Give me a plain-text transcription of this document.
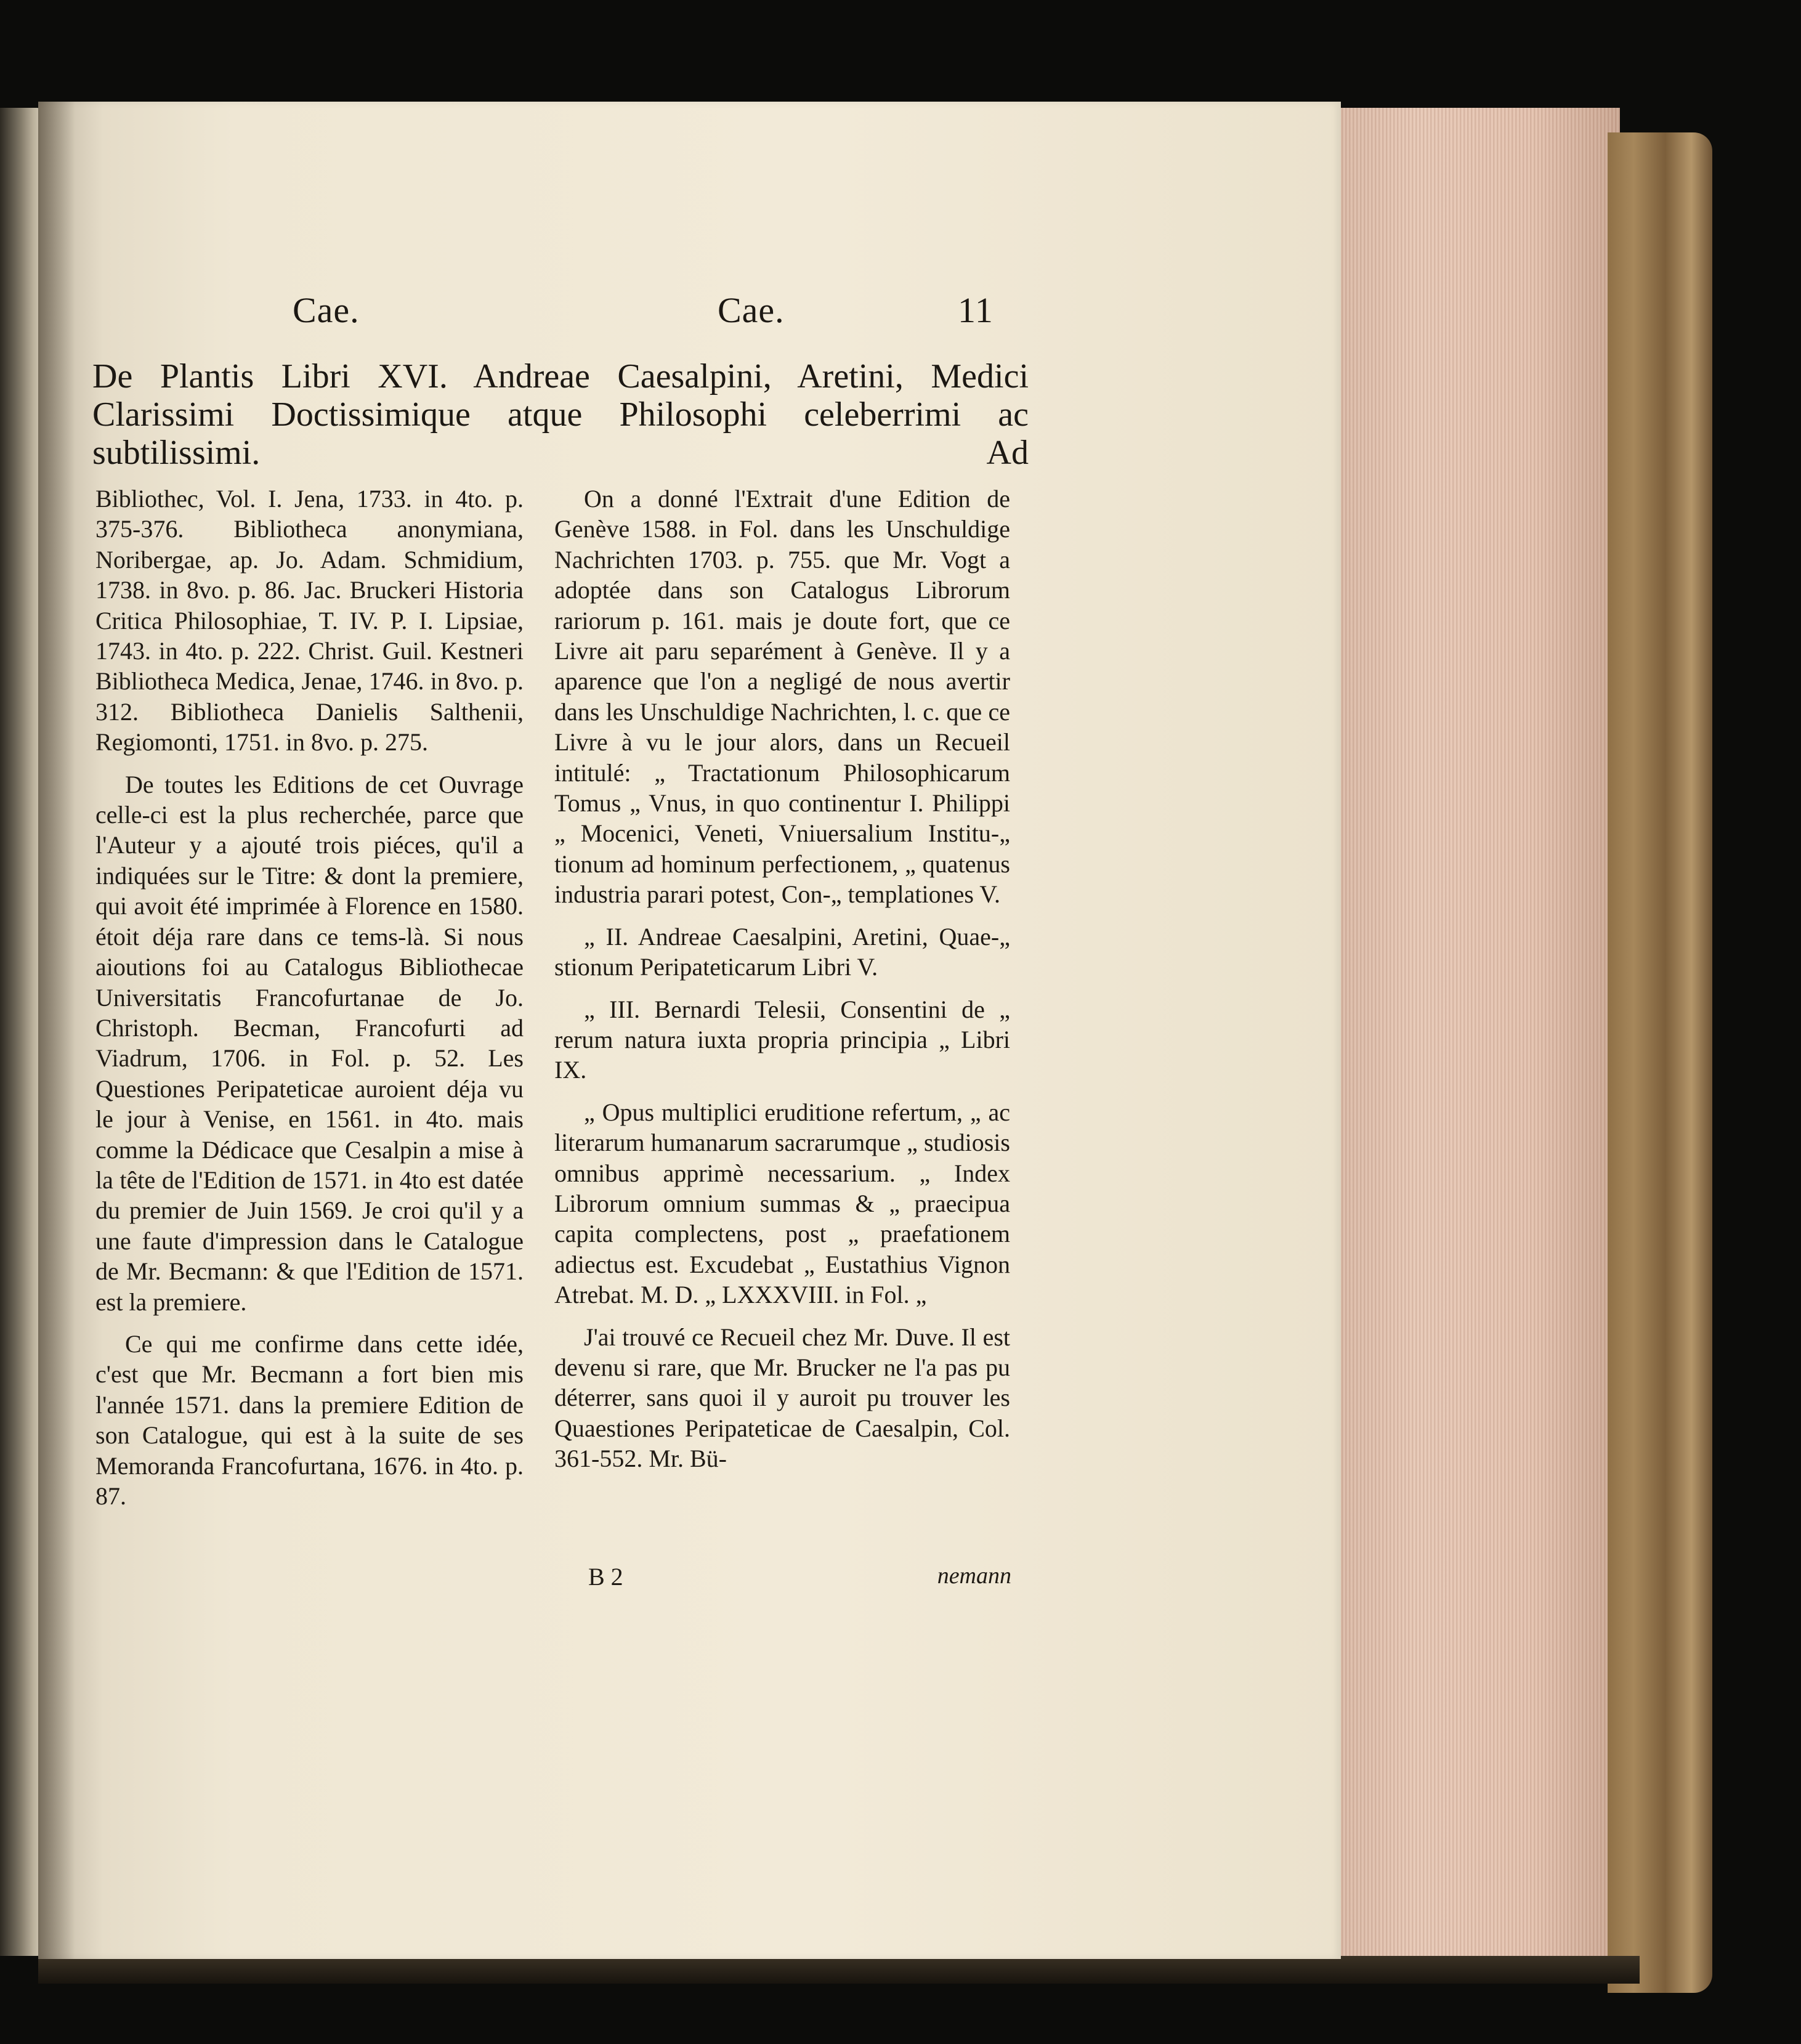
Cae.	Cae.	11
De Plantis Libri XVI. Andreae Caesalpini, Aretini, Medici
Clarissimi Doctissimique atque Philosophi celeberrimi ac subtilissimi.	Ad

Bibliothec, Vol. I. Jena, 1733. in 4to. p. 375-376. Bibliotheca anonymiana, Noribergae, ap. Jo. Adam. Schmidium, 1738. in 8vo. p. 86. Jac. Bruckeri Historia Critica Philosophiae, T. IV. P. I. Lipsiae, 1743. in 4to. p. 222. Christ. Guil. Kestneri Bibliotheca Medica, Jenae, 1746. in 8vo. p. 312. Bibliotheca Danielis Salthenii, Regiomonti, 1751. in 8vo. p. 275.

De toutes les Editions de cet Ouvrage celle-ci est la plus recherchée, parce que l'Auteur y a ajouté trois piéces, qu'il a indiquées sur le Titre: & dont la premiere, qui avoit été imprimée à Florence en 1580. étoit déja rare dans ce tems-là. Si nous aioutions foi au Catalogus Bibliothecae Universitatis Francofurtanae de Jo. Christoph. Becman, Francofurti ad Viadrum, 1706. in Fol. p. 52. Les Questiones Peripateticae auroient déja vu le jour à Venise, en 1561. in 4to. mais comme la Dédicace que Cesalpin a mise à la tête de l'Edition de 1571. in 4to est datée du premier de Juin 1569. Je croi qu'il y a une faute d'impression dans le Catalogue de Mr. Becmann: & que l'Edition de 1571. est la premiere.

Ce qui me confirme dans cette idée, c'est que Mr. Becmann a fort bien mis l'année 1571. dans la premiere Edition de son Catalogue, qui est à la suite de ses Memoranda Francofurtana, 1676. in 4to. p. 87.

On a donné l'Extrait d'une Edition de Genève 1588. in Fol. dans les Unschuldige Nachrichten 1703. p. 755. que Mr. Vogt a adoptée dans son Catalogus Librorum rariorum p. 161. mais je doute fort, que ce Livre ait paru separément à Genève. Il y a aparence que l'on a negligé de nous avertir dans les Unschuldige Nachrichten, l. c. que ce Livre à vu le jour alors, dans un Recueil intitulé: „ Tractationum Philosophicarum Tomus „ Vnus, in quo continentur I. Philippi „ Mocenici, Veneti, Vniuersalium Institu-„ tionum ad hominum perfectionem, „ quatenus industria parari potest, Con-„ templationes V.

„ II. Andreae Caesalpini, Aretini, Quae-„ stionum Peripateticarum Libri V.

„ III. Bernardi Telesii, Consentini de „ rerum natura iuxta propria principia „ Libri IX.

„ Opus multiplici eruditione refertum, „ ac literarum humanarum sacrarumque „ studiosis omnibus apprimè necessarium. „ Index Librorum omnium summas & „ praecipua capita complectens, post „ praefationem adiectus est. Excudebat „ Eustathius Vignon Atrebat. M. D. „ LXXXVIII. in Fol. „

J'ai trouvé ce Recueil chez Mr. Duve. Il est devenu si rare, que Mr. Brucker ne l'a pas pu déterrer, sans quoi il y auroit pu trouver les Quaestiones Peripateticae de Caesalpin, Col. 361-552. Mr. Bü-

B 2	nemann
